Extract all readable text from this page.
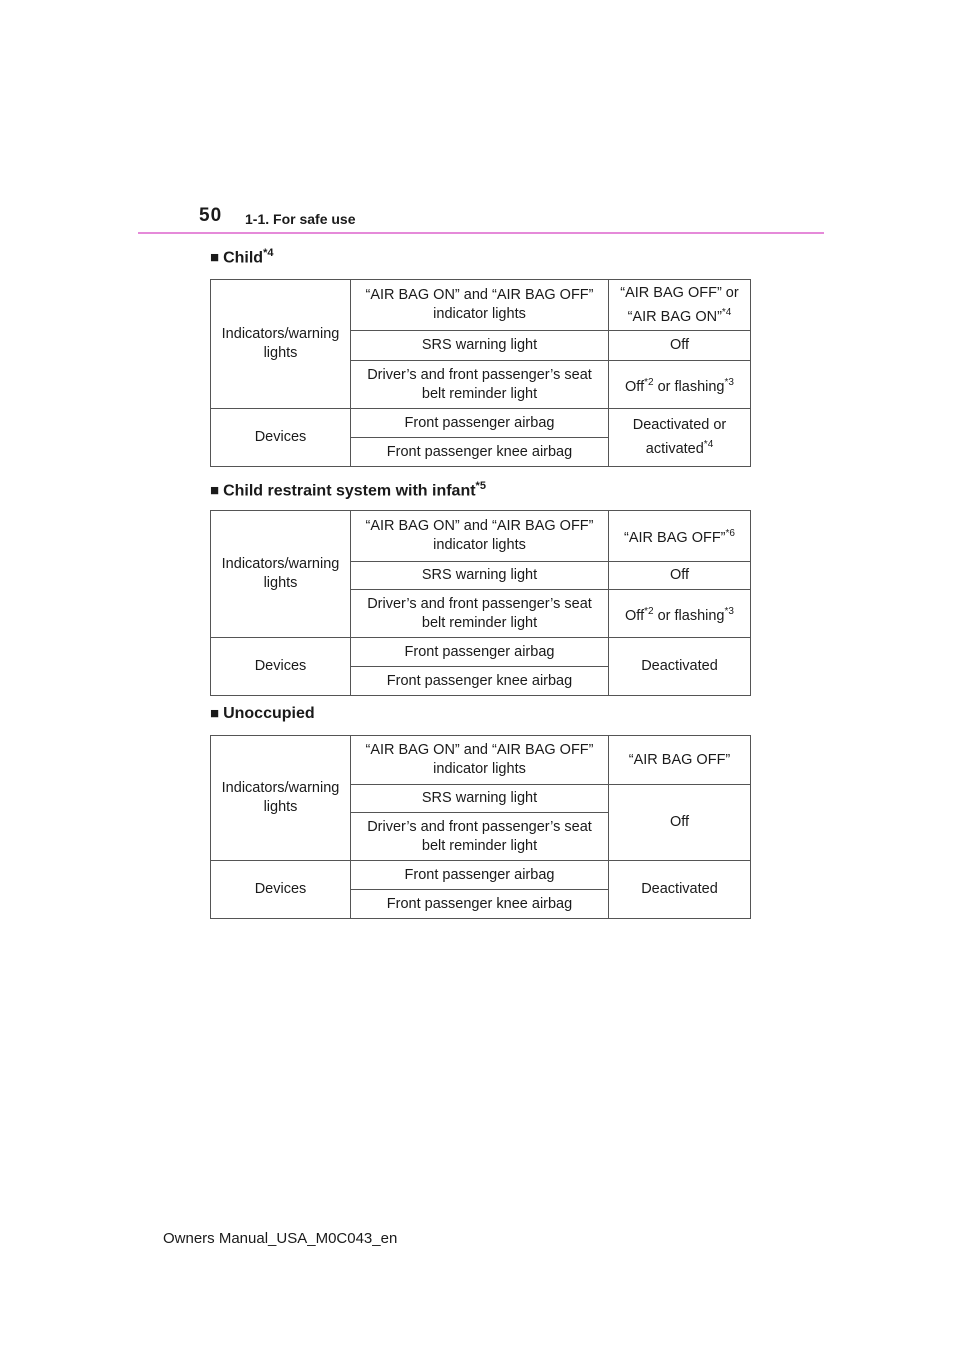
50 1-1. For safe use
■ Child$^{*4}$
Indicators/warning lights	“AIR BAG ON” and “AIR BAG OFF” indicator lights	“AIR BAG OFF” or “AIR BAG ON”$^{*4}$
	SRS warning light	Off
	Driver’s and front passenger’s seat belt reminder light	Off$^{*2}$ or flashing$^{*3}$
Devices	Front passenger airbag	Deactivated or activated$^{*4}$
	Front passenger knee airbag	
■ Child restraint system with infant$^{*5}$
Indicators/warning lights	“AIR BAG ON” and “AIR BAG OFF” indicator lights	“AIR BAG OFF”$^{*6}$
	SRS warning light	Off
	Driver’s and front passenger’s seat belt reminder light	Off$^{*2}$ or flashing$^{*3}$
Devices	Front passenger airbag	Deactivated
	Front passenger knee airbag	
■ Unoccupied
Indicators/warning lights	“AIR BAG ON” and “AIR BAG OFF” indicator lights	“AIR BAG OFF”
	SRS warning light	Off
	Driver’s and front passenger’s seat belt reminder light	
Devices	Front passenger airbag	Deactivated
	Front passenger knee airbag	
Owners Manual_USA_M0C043_en
